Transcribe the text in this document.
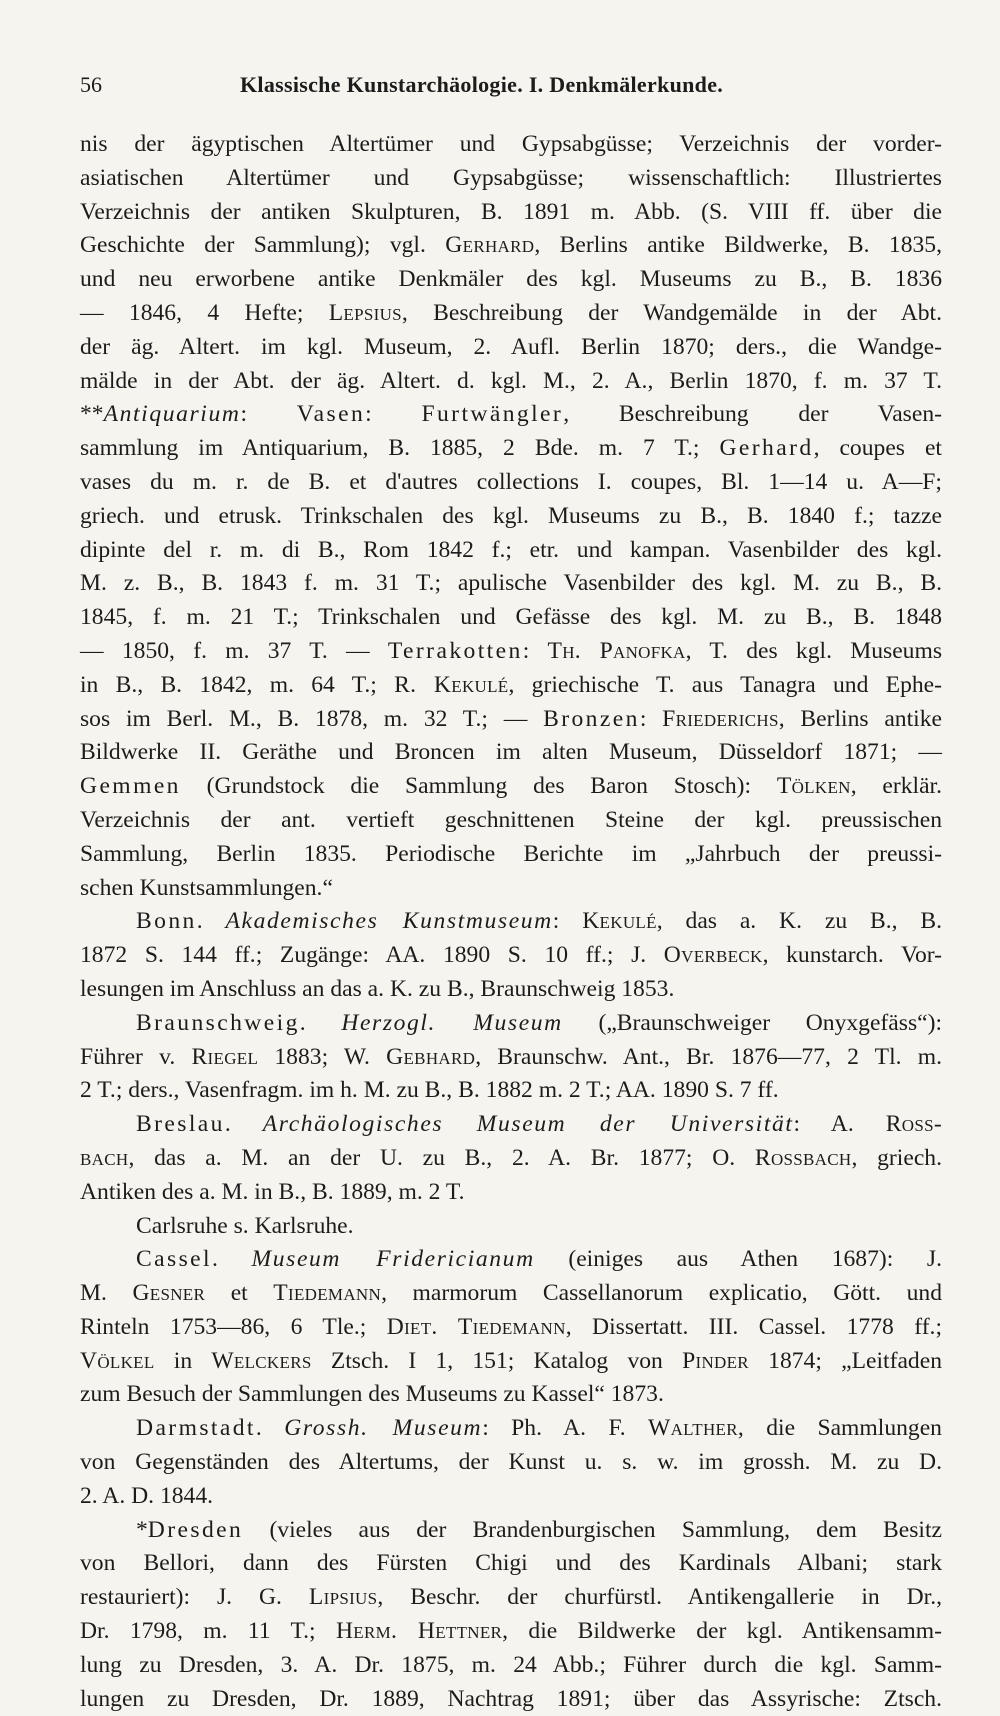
56	Klassische Kunstarchäologie. I. Denkmälerkunde.
nis der ägyptischen Altertümer und Gypsabgüsse; Verzeichnis der vorder-
asiatischen Altertümer und Gypsabgüsse; wissenschaftlich: Illustriertes
Verzeichnis der antiken Skulpturen, B. 1891 m. Abb. (S. VIII ff. über die
Geschichte der Sammlung); vgl. Gerhard, Berlins antike Bildwerke, B. 1835,
und neu erworbene antike Denkmäler des kgl. Museums zu B., B. 1836
— 1846, 4 Hefte; Lepsius, Beschreibung der Wandgemälde in der Abt.
der äg. Altert. im kgl. Museum, 2. Aufl. Berlin 1870; ders., die Wandge-
mälde in der Abt. der äg. Altert. d. kgl. M., 2. A., Berlin 1870, f. m. 37 T.
**Antiquarium: Vasen: Furtwängler, Beschreibung der Vasen-
sammlung im Antiquarium, B. 1885, 2 Bde. m. 7 T.; Gerhard, coupes et
vases du m. r. de B. et d'autres collections I. coupes, Bl. 1—14 u. A—F;
griech. und etrusk. Trinkschalen des kgl. Museums zu B., B. 1840 f.; tazze
dipinte del r. m. di B., Rom 1842 f.; etr. und kampan. Vasenbilder des kgl.
M. z. B., B. 1843 f. m. 31 T.; apulische Vasenbilder des kgl. M. zu B., B.
1845, f. m. 21 T.; Trinkschalen und Gefässe des kgl. M. zu B., B. 1848
— 1850, f. m. 37 T. — Terrakotten: Th. Panofka, T. des kgl. Museums
in B., B. 1842, m. 64 T.; R. Kekulé, griechische T. aus Tanagra und Ephe-
sos im Berl. M., B. 1878, m. 32 T.; — Bronzen: Friederichs, Berlins antike
Bildwerke II. Geräthe und Broncen im alten Museum, Düsseldorf 1871; —
Gemmen (Grundstock die Sammlung des Baron Stosch): Tölken, erklär.
Verzeichnis der ant. vertieft geschnittenen Steine der kgl. preussischen
Sammlung, Berlin 1835. Periodische Berichte im „Jahrbuch der preussi-
schen Kunstsammlungen.“
Bonn. Akademisches Kunstmuseum: Kekulé, das a. K. zu B., B.
1872 S. 144 ff.; Zugänge: AA. 1890 S. 10 ff.; J. Overbeck, kunstarch. Vor-
lesungen im Anschluss an das a. K. zu B., Braunschweig 1853.
Braunschweig. Herzogl. Museum („Braunschweiger Onyxgefäss“):
Führer v. Riegel 1883; W. Gebhard, Braunschw. Ant., Br. 1876—77, 2 Tl. m.
2 T.; ders., Vasenfragm. im h. M. zu B., B. 1882 m. 2 T.; AA. 1890 S. 7 ff.
Breslau. Archäologisches Museum der Universität: A. Ross-
bach, das a. M. an der U. zu B., 2. A. Br. 1877; O. Rossbach, griech.
Antiken des a. M. in B., B. 1889, m. 2 T.
Carlsruhe s. Karlsruhe.
Cassel. Museum Fridericianum (einiges aus Athen 1687): J.
M. Gesner et Tiedemann, marmorum Cassellanorum explicatio, Gött. und
Rinteln 1753—86, 6 Tle.; Diet. Tiedemann, Dissertatt. III. Cassel. 1778 ff.;
Völkel in Welckers Ztsch. I 1, 151; Katalog von Pinder 1874; „Leitfaden
zum Besuch der Sammlungen des Museums zu Kassel“ 1873.
Darmstadt. Grossh. Museum: Ph. A. F. Walther, die Sammlungen
von Gegenständen des Altertums, der Kunst u. s. w. im grossh. M. zu D.
2. A. D. 1844.
*Dresden (vieles aus der Brandenburgischen Sammlung, dem Besitz
von Bellori, dann des Fürsten Chigi und des Kardinals Albani; stark
restauriert): J. G. Lipsius, Beschr. der churfürstl. Antikengallerie in Dr.,
Dr. 1798, m. 11 T.; Herm. Hettner, die Bildwerke der kgl. Antikensamm-
lung zu Dresden, 3. A. Dr. 1875, m. 24 Abb.; Führer durch die kgl. Samm-
lungen zu Dresden, Dr. 1889, Nachtrag 1891; über das Assyrische: Ztsch.
